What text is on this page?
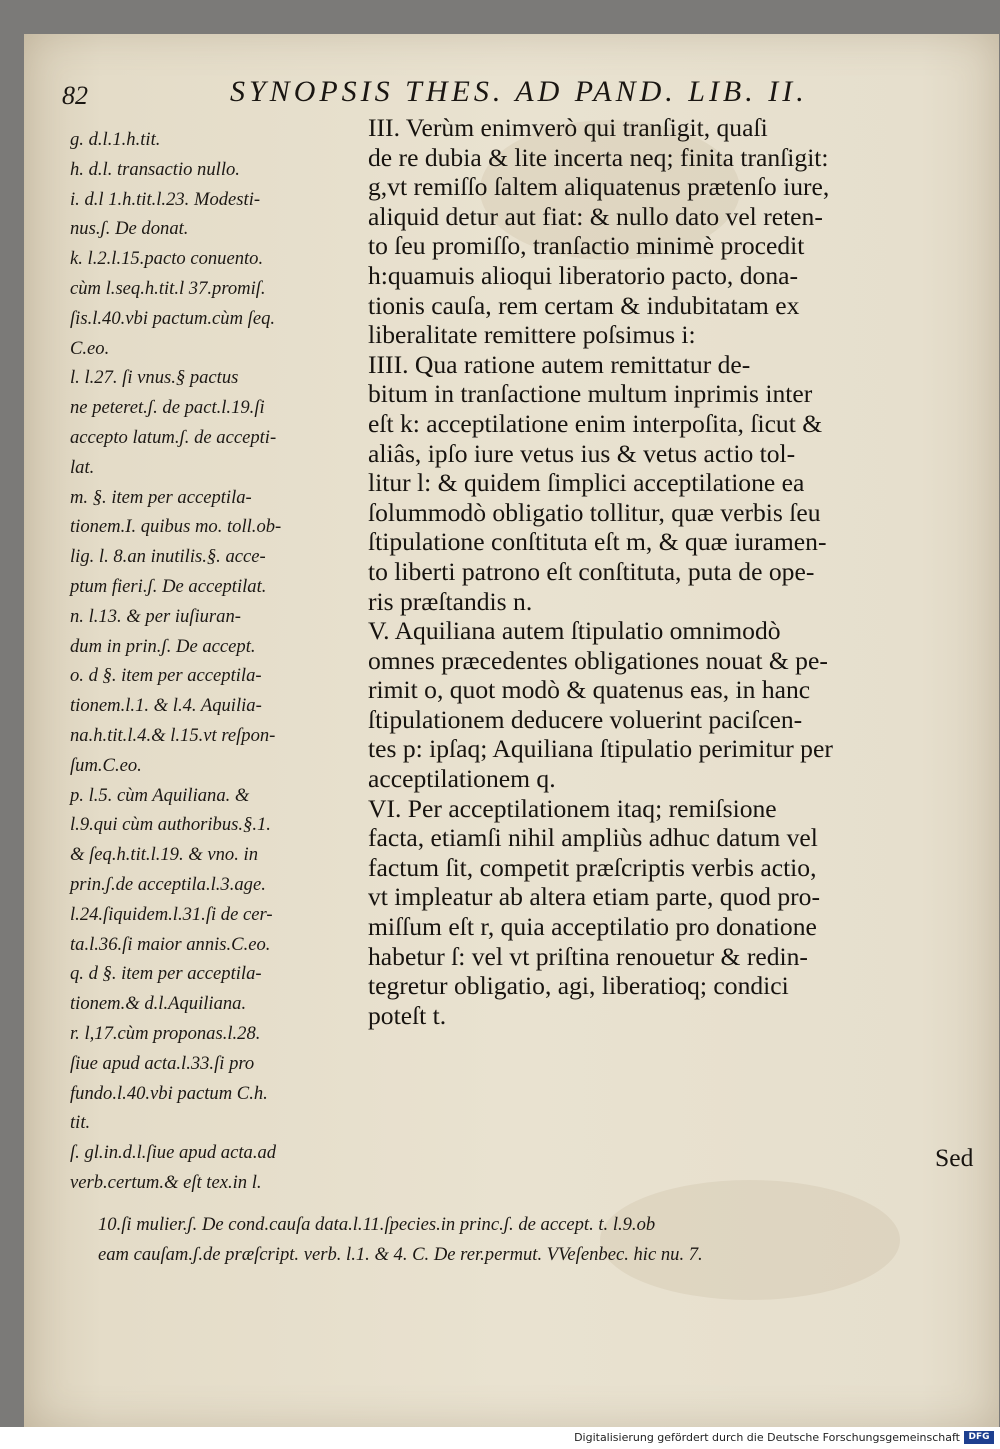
82	SYNOPSIS THES. AD PAND. LIB. II.

g. d.l.1.h.tit.
h. d.l. transactio nullo.
i. d.l 1.h.tit.l.23. Modesti-
nus.ʃ. De donat.
k. l.2.l.15.pacto conuento.
cùm l.seq.h.tit.l 37.promiſ.
ſis.l.40.vbi pactum.cùm ſeq.
C.eo.
l. l.27. ſi vnus.§ pactus
ne peteret.ʃ. de pact.l.19.ſi
accepto latum.ʃ. de accepti-
lat.
m. §. item per acceptila-
tionem.I. quibus mo. toll.ob-
lig. l. 8.an inutilis.§. acce-
ptum fieri.ʃ. De acceptilat.
n. l.13. & per iuſiuran-
dum in prin.ʃ. De accept.
o. d §. item per acceptila-
tionem.l.1. & l.4. Aquilia-
na.h.tit.l.4.& l.15.vt reſpon-
ſum.C.eo.
p. l.5. cùm Aquiliana. &
l.9.qui cùm authoribus.§.1.
& ſeq.h.tit.l.19. & vno. in
prin.ʃ.de acceptila.l.3.age.
l.24.ſiquidem.l.31.ſi de cer-
ta.l.36.ſi maior annis.C.eo.
q. d §. item per acceptila-
tionem.& d.l.Aquiliana.
r. l,17.cùm proponas.l.28.
ſiue apud acta.l.33.ſi pro
fundo.l.40.vbi pactum C.h.
tit.
ſ. gl.in.d.l.ſiue apud acta.ad
verb.certum.& eſt tex.in l.
III. Verùm enimverò qui tranſigit, quaſi
de re dubia & lite incerta neq; finita tranſigit:
g,vt remiſſo ſaltem aliquatenus prætenſo iure,
aliquid detur aut fiat: & nullo dato vel reten-
to ſeu promiſſo, tranſactio minimè procedit
h:quamuis alioqui liberatorio pacto, dona-
tionis cauſa, rem certam & indubitatam ex
liberalitate remittere poſsimus i:
IIII. Qua ratione autem remittatur de-
bitum in tranſactione multum inprimis inter
eſt k: acceptilatione enim interpoſita, ſicut &
aliâs, ipſo iure vetus ius & vetus actio tol-
litur l: & quidem ſimplici acceptilatione ea
ſolummodò obligatio tollitur, quæ verbis ſeu
ſtipulatione conſtituta eſt m, & quæ iuramen-
to liberti patrono eſt conſtituta, puta de ope-
ris præſtandis n.
V. Aquiliana autem ſtipulatio omnimodò
omnes præcedentes obligationes nouat & pe-
rimit o, quot modò & quatenus eas, in hanc
ſtipulationem deducere voluerint paciſcen-
tes p: ipſaq; Aquiliana ſtipulatio perimitur per
acceptilationem q.
VI. Per acceptilationem itaq; remiſsione
facta, etiamſi nihil ampliùs adhuc datum vel
factum ſit, competit præſcriptis verbis actio,
vt impleatur ab altera etiam parte, quod pro-
miſſum eſt r, quia acceptilatio pro donatione
habetur ſ: vel vt priſtina renouetur & redin-
tegretur obligatio, agi, liberatioq; condici
poteſt t.
Sed
10.ſi mulier.ʃ. De cond.cauſa data.l.11.ſpecies.in princ.ʃ. de accept. t. l.9.ob
eam cauſam.ʃ.de præſcript. verb. l.1. & 4. C. De rer.permut. VVeſenbec. hic nu. 7.
Digitalisierung gefördert durch die Deutsche Forschungsgemeinschaft DFG
